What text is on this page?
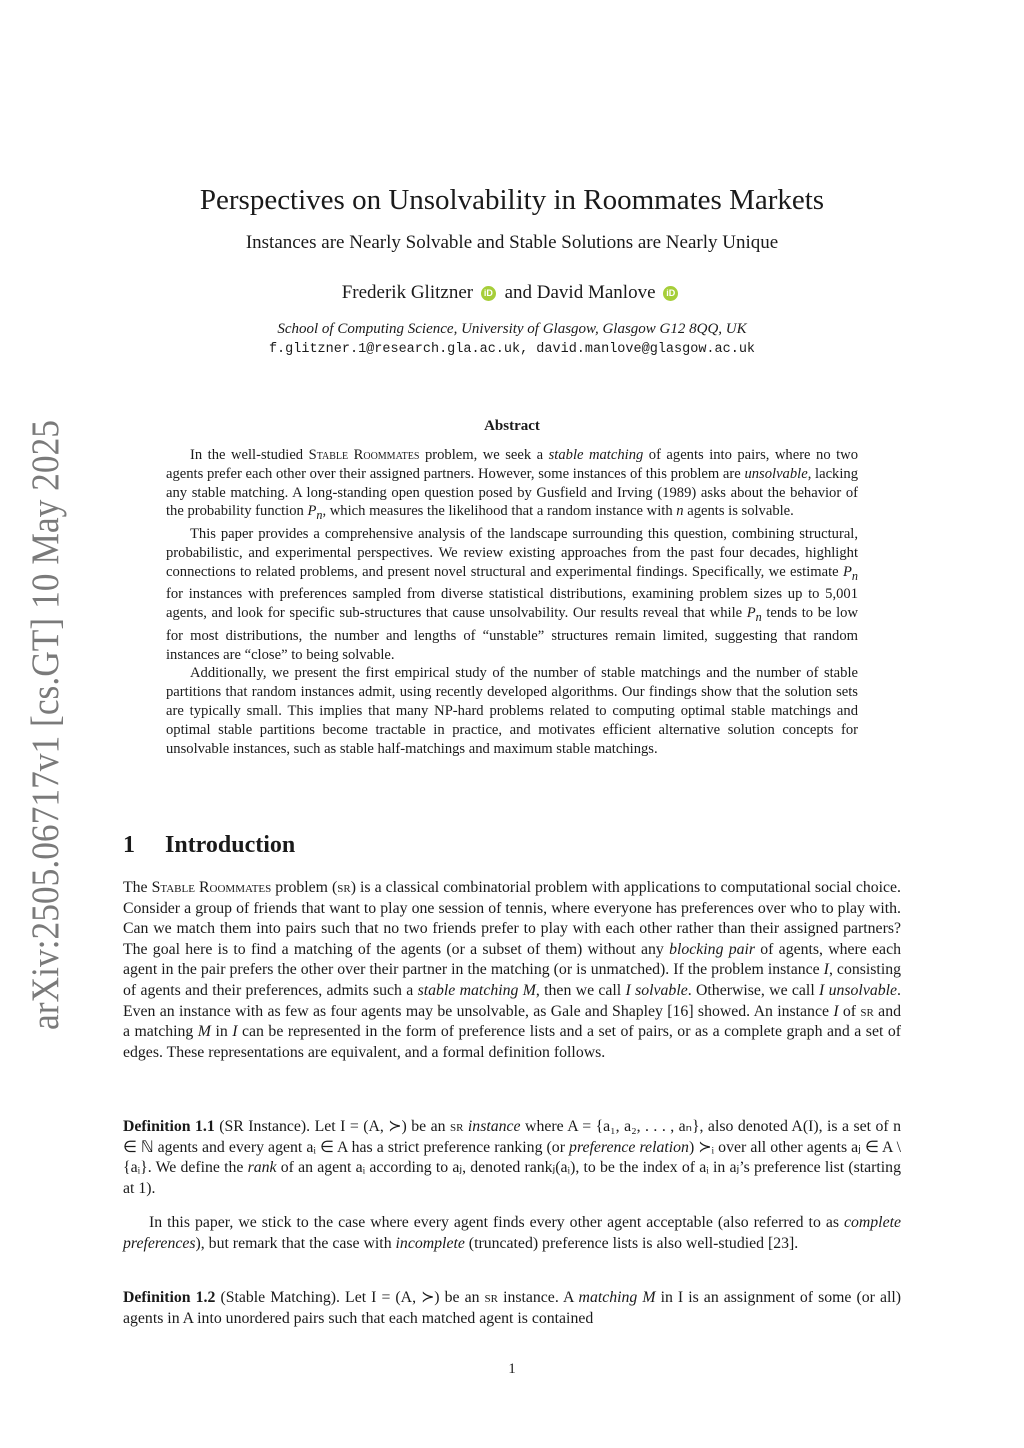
arXiv:2505.06717v1 [cs.GT] 10 May 2025
Perspectives on Unsolvability in Roommates Markets
Instances are Nearly Solvable and Stable Solutions are Nearly Unique
Frederik Glitzner iD and David Manlove iD
School of Computing Science, University of Glasgow, Glasgow G12 8QQ, UK
f.glitzner.1@research.gla.ac.uk, david.manlove@glasgow.ac.uk
Abstract

In the well-studied Stable Roommates problem, we seek a stable matching of agents into pairs, where no two agents prefer each other over their assigned partners. However, some instances of this problem are unsolvable, lacking any stable matching. A long-standing open question posed by Gusfield and Irving (1989) asks about the behavior of the probability function $P_n$, which measures the likelihood that a random instance with n agents is solvable.

This paper provides a comprehensive analysis of the landscape surrounding this question, combining structural, probabilistic, and experimental perspectives. We review existing approaches from the past four decades, highlight connections to related problems, and present novel structural and experimental findings. Specifically, we estimate $P_n$ for instances with preferences sampled from diverse statistical distributions, examining problem sizes up to 5,001 agents, and look for specific sub-structures that cause unsolvability. Our results reveal that while $P_n$ tends to be low for most distributions, the number and lengths of “unstable” structures remain limited, suggesting that random instances are “close” to being solvable.

Additionally, we present the first empirical study of the number of stable matchings and the number of stable partitions that random instances admit, using recently developed algorithms. Our findings show that the solution sets are typically small. This implies that many NP-hard problems related to computing optimal stable matchings and optimal stable partitions become tractable in practice, and motivates efficient alternative solution concepts for unsolvable instances, such as stable half-matchings and maximum stable matchings.

1 Introduction

The Stable Roommates problem (sr) is a classical combinatorial problem with applications to computational social choice. Consider a group of friends that want to play one session of tennis, where everyone has preferences over who to play with. Can we match them into pairs such that no two friends prefer to play with each other rather than their assigned partners? The goal here is to find a matching of the agents (or a subset of them) without any blocking pair of agents, where each agent in the pair prefers the other over their partner in the matching (or is unmatched). If the problem instance I, consisting of agents and their preferences, admits such a stable matching M, then we call I solvable. Otherwise, we call I unsolvable. Even an instance with as few as four agents may be unsolvable, as Gale and Shapley [16] showed. An instance I of sr and a matching M in I can be represented in the form of preference lists and a set of pairs, or as a complete graph and a set of edges. These representations are equivalent, and a formal definition follows.

Definition 1.1 (SR Instance). Let I = (A, ≻) be an sr instance where A = {a₁, a₂, . . . , aₙ}, also denoted A(I), is a set of n ∈ ℕ agents and every agent aᵢ ∈ A has a strict preference ranking (or preference relation) ≻ᵢ over all other agents aⱼ ∈ A \ {aᵢ}. We define the rank of an agent aᵢ according to aⱼ, denoted rankⱼ(aᵢ), to be the index of aᵢ in aⱼ’s preference list (starting at 1).

In this paper, we stick to the case where every agent finds every other agent acceptable (also referred to as complete preferences), but remark that the case with incomplete (truncated) preference lists is also well-studied [23].

Definition 1.2 (Stable Matching). Let I = (A, ≻) be an sr instance. A matching M in I is an assignment of some (or all) agents in A into unordered pairs such that each matched agent is contained

1
